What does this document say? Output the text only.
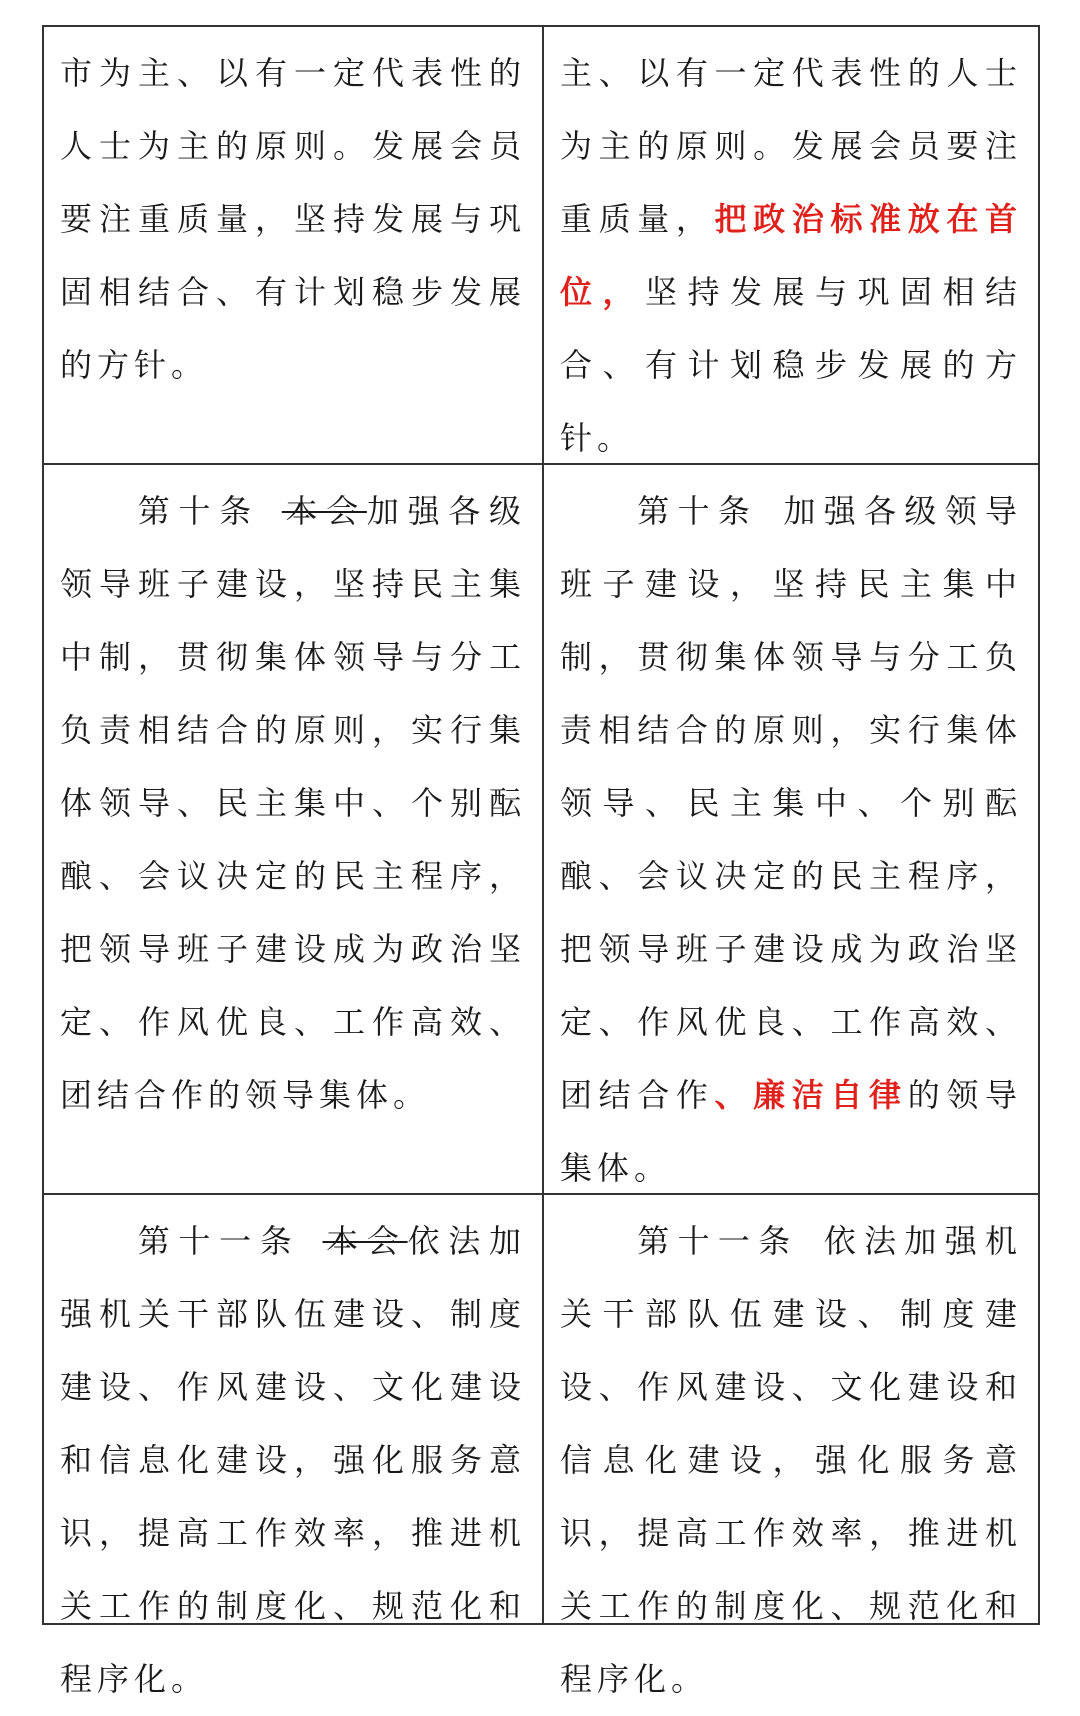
市为主、以有一定代表性的人士为主的原则。发展会员要注重质量，坚持发展与巩固相结合、有计划稳步发展的方针。
主、以有一定代表性的人士为主的原则。发展会员要注重质量，把政治标准放在首位，坚持发展与巩固相结合、有计划稳步发展的方针。
第十条 本会加强各级领导班子建设，坚持民主集中制，贯彻集体领导与分工负责相结合的原则，实行集体领导、民主集中、个别酝酿、会议决定的民主程序，把领导班子建设成为政治坚定、作风优良、工作高效、团结合作的领导集体。
第十条 加强各级领导班子建设，坚持民主集中制，贯彻集体领导与分工负责相结合的原则，实行集体领导、民主集中、个别酝酿、会议决定的民主程序，把领导班子建设成为政治坚定、作风优良、工作高效、团结合作、廉洁自律的领导集体。
第十一条 本会依法加强机关干部队伍建设、制度建设、作风建设、文化建设和信息化建设，强化服务意识，提高工作效率，推进机关工作的制度化、规范化和程序化。
第十一条 依法加强机关干部队伍建设、制度建设、作风建设、文化建设和信息化建设，强化服务意识，提高工作效率，推进机关工作的制度化、规范化和程序化。
